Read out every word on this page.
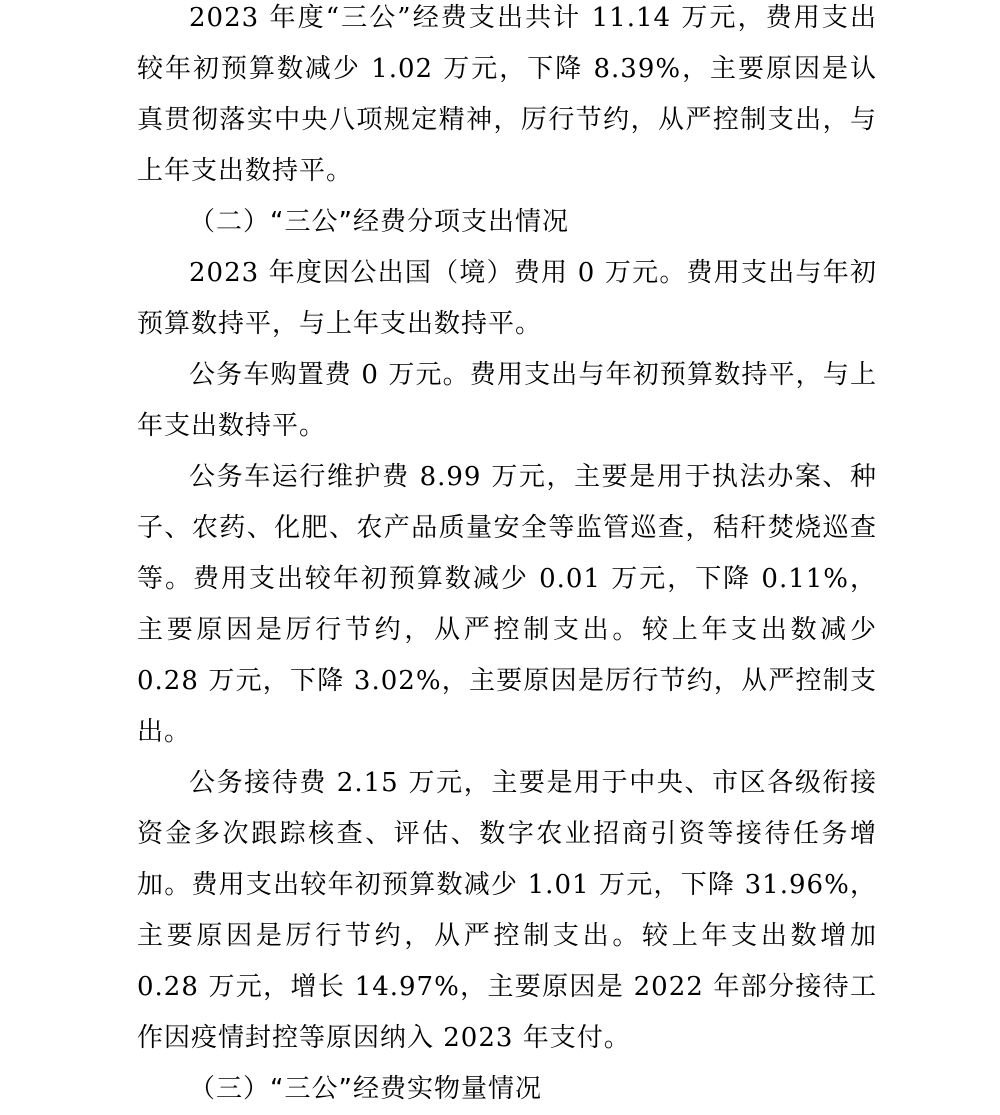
2023 年度“三公”经费支出共计 11.14 万元，费用支出较年初预算数减少 1.02 万元，下降 8.39%，主要原因是认真贯彻落实中央八项规定精神，厉行节约，从严控制支出，与上年支出数持平。

（二）“三公”经费分项支出情况

2023 年度因公出国（境）费用 0 万元。费用支出与年初预算数持平，与上年支出数持平。

公务车购置费 0 万元。费用支出与年初预算数持平，与上年支出数持平。

公务车运行维护费 8.99 万元，主要是用于执法办案、种子、农药、化肥、农产品质量安全等监管巡查，秸秆焚烧巡查等。费用支出较年初预算数减少 0.01 万元，下降 0.11%，主要原因是厉行节约，从严控制支出。较上年支出数减少 0.28 万元，下降 3.02%，主要原因是厉行节约，从严控制支出。

公务接待费 2.15 万元，主要是用于中央、市区各级衔接资金多次跟踪核查、评估、数字农业招商引资等接待任务增加。费用支出较年初预算数减少 1.01 万元，下降 31.96%，主要原因是厉行节约，从严控制支出。较上年支出数增加 0.28 万元，增长 14.97%，主要原因是 2022 年部分接待工作因疫情封控等原因纳入 2023 年支付。

（三）“三公”经费实物量情况
